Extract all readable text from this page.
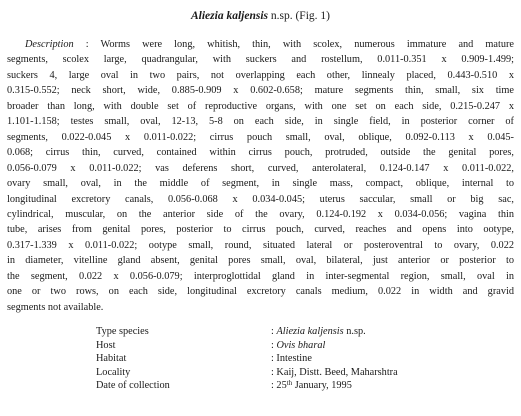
Aliezia kaljensis n.sp. (Fig. 1)
Description : Worms were long, whitish, thin, with scolex, numerous immature and mature
segments, scolex large, quadrangular, with suckers and rostellum, 0.011-0.351 x 0.909-1.499;
suckers 4, large oval in two pairs, not overlapping each other, linnealy placed, 0.443-0.510 x
0.315-0.552; neck short, wide, 0.885-0.909 x 0.602-0.658; mature segments thin, small, six time
broader than long, with double set of reproductive organs, with one set on each side, 0.215-0.247 x
1.101-1.158; testes small, oval, 12-13, 5-8 on each side, in single field, in posterior corner of
segments, 0.022-0.045 x 0.011-0.022; cirrus pouch small, oval, oblique, 0.092-0.113 x 0.045-
0.068; cirrus thin, curved, contained within cirrus pouch, protruded, outside the genital pores,
0.056-0.079 x 0.011-0.022; vas deferens short, curved, anterolateral, 0.124-0.147 x 0.011-0.022,
ovary small, oval, in the middle of segment, in single mass, compact, oblique, internal to
longitudinal excretory canals, 0.056-0.068 x 0.034-0.045; uterus saccular, small or big sac,
cylindrical, muscular, on the anterior side of the ovary, 0.124-0.192 x 0.034-0.056; vagina thin
tube, arises from genital pores, posterior to cirrus pouch, curved, reaches and opens into ootype,
0.317-1.339 x 0.011-0.022; ootype small, round, situated lateral or posteroventral to ovary, 0.022
in diameter, vitelline gland absent, genital pores small, oval, bilateral, just anterior or posterior to
the segment, 0.022 x 0.056-0.079; interproglottidal gland in inter-segmental region, small, oval in
one or two rows, on each side, longitudinal excretory canals medium, 0.022 in width and gravid
segments not available.
Type species	: Aliezia kaljensis n.sp.
Host	: Ovis bharal
Habitat	: Intestine
Locality	: Kaij, Distt. Beed, Maharshtra
Date of collection	: 25th January, 1995
